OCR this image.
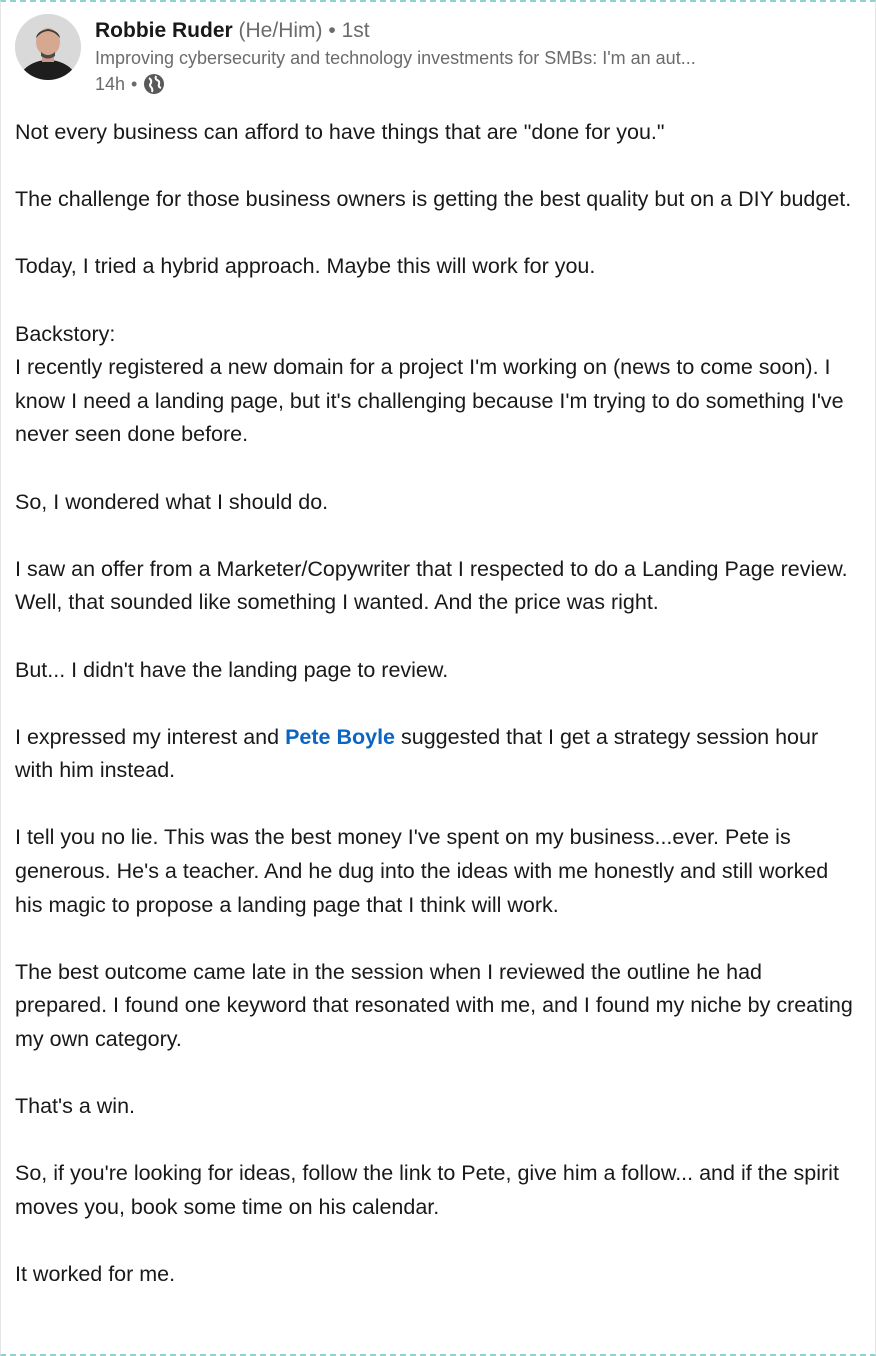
Robbie Ruder (He/Him) • 1st
Improving cybersecurity and technology investments for SMBs: I'm an aut...
14h •

Not every business can afford to have things that are "done for you."

The challenge for those business owners is getting the best quality but on a DIY budget.

Today, I tried a hybrid approach. Maybe this will work for you.

Backstory:
I recently registered a new domain for a project I'm working on (news to come soon). I know I need a landing page, but it's challenging because I'm trying to do something I've never seen done before.

So, I wondered what I should do.

I saw an offer from a Marketer/Copywriter that I respected to do a Landing Page review. Well, that sounded like something I wanted. And the price was right.

But... I didn't have the landing page to review.

I expressed my interest and Pete Boyle suggested that I get a strategy session hour with him instead.

I tell you no lie. This was the best money I've spent on my business...ever. Pete is generous. He's a teacher. And he dug into the ideas with me honestly and still worked his magic to propose a landing page that I think will work.

The best outcome came late in the session when I reviewed the outline he had prepared. I found one keyword that resonated with me, and I found my niche by creating my own category.

That's a win.

So, if you're looking for ideas, follow the link to Pete, give him a follow... and if the spirit moves you, book some time on his calendar.

It worked for me.
